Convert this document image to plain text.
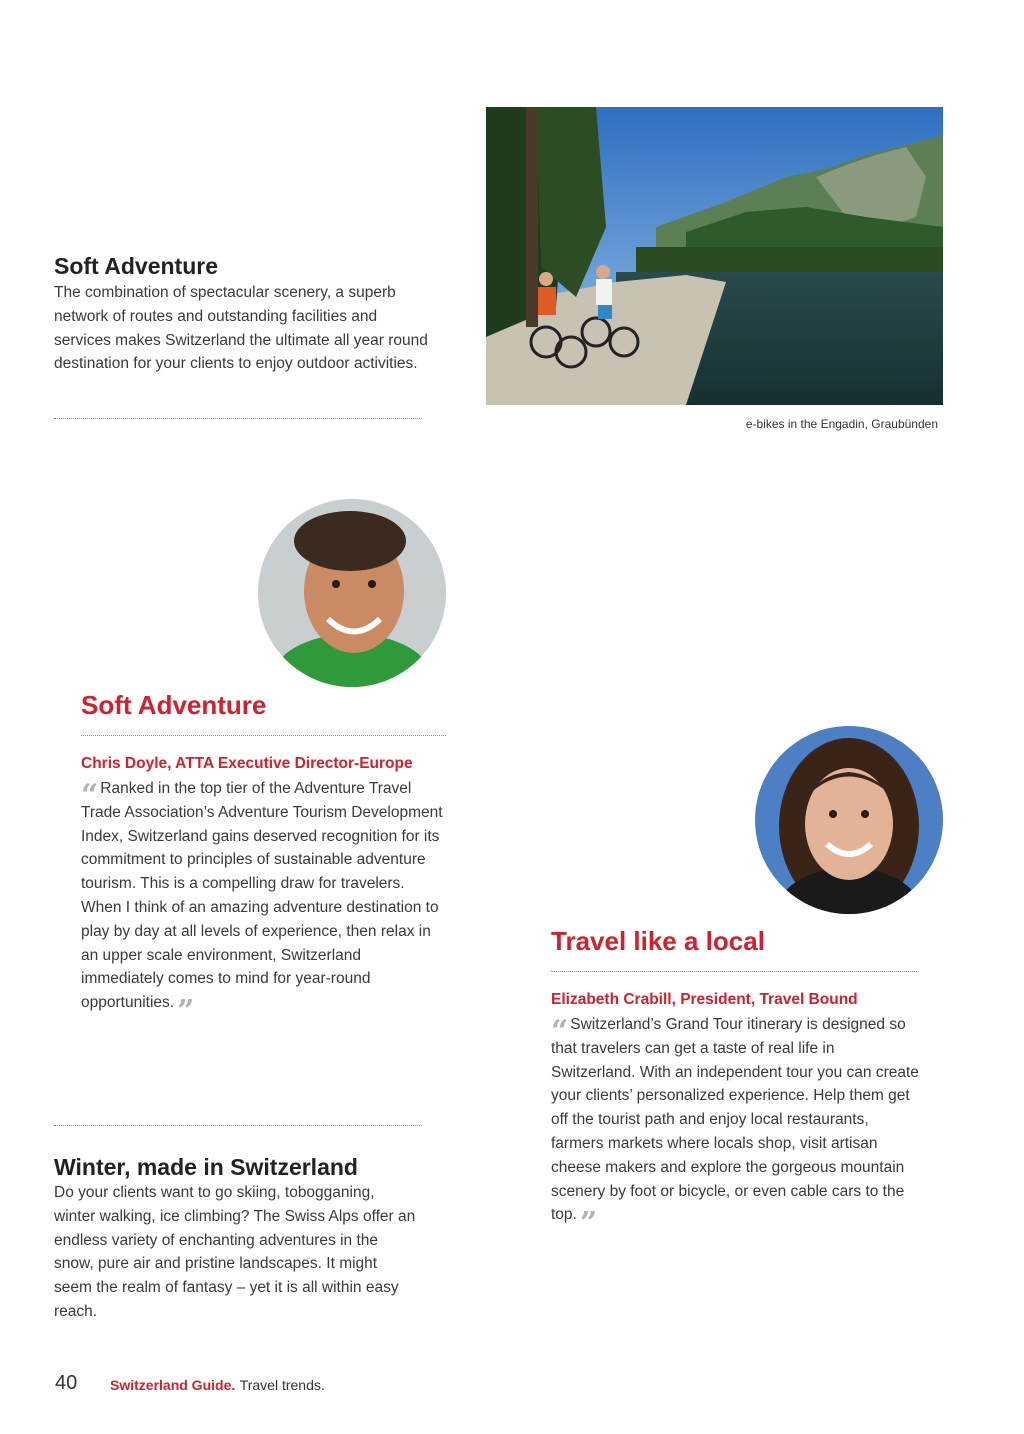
Soft Adventure

The combination of spectacular scenery, a superb network of routes and outstanding facilities and services makes Switzerland the ultimate all year round destination for your clients to enjoy outdoor activities.

e-bikes in the Engadin, Graubünden
Soft Adventure

Chris Doyle, ATTA Executive Director-Europe

“ Ranked in the top tier of the Adventure Travel Trade Association’s Adventure Tourism Development Index, Switzerland gains deserved recognition for its commitment to principles of sustainable adventure tourism. This is a compelling draw for travelers. When I think of an amazing adventure destination to play by day at all levels of experience, then relax in an upper scale environment, Switzerland immediately comes to mind for year-round opportunities. ”

Winter, made in Switzerland

Do your clients want to go skiing, tobogganing, winter walking, ice climbing? The Swiss Alps offer an endless variety of enchanting adventures in the snow, pure air and pristine landscapes. It might seem the realm of fantasy – yet it is all within easy reach.

Travel like a local

Elizabeth Crabill, President, Travel Bound

“ Switzerland’s Grand Tour itinerary is designed so that travelers can get a taste of real life in Switzerland. With an independent tour you can create your clients’ personalized experience. Help them get off the tourist path and enjoy local restaurants, farmers markets where locals shop, visit artisan cheese makers and explore the gorgeous mountain scenery by foot or bicycle, or even cable cars to the top. ”

40 Switzerland Guide. Travel trends.
